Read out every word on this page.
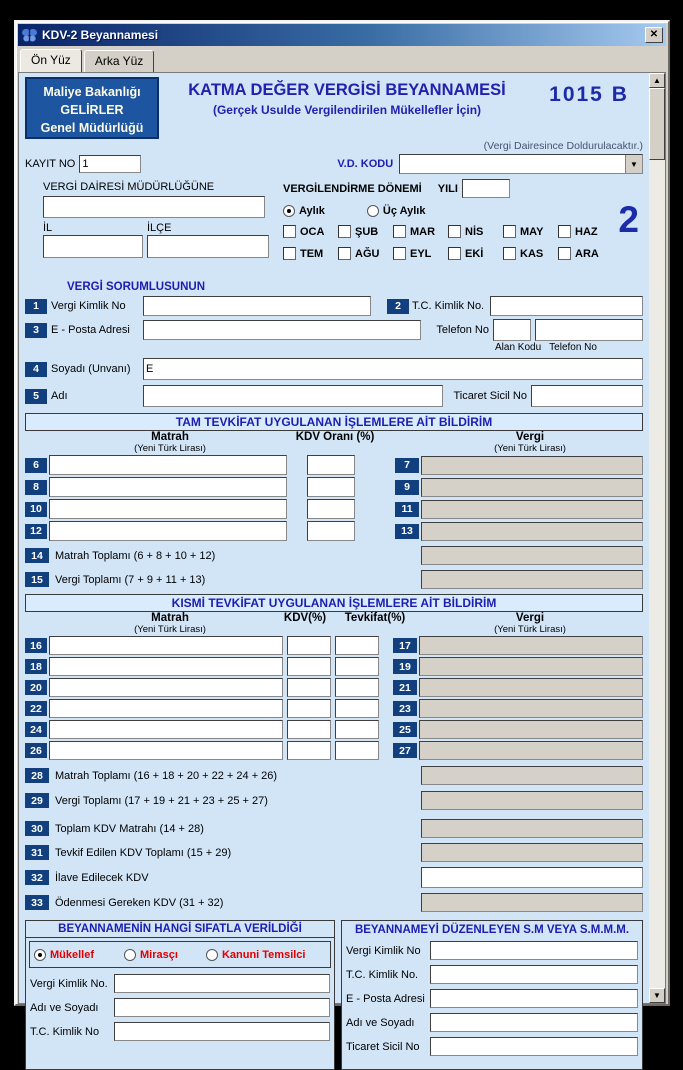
KDV-2 Beyannamesi	✕
Ön Yüz	Arka Yüz
Maliye Bakanlığı
GELİRLER
Genel Müdürlüğü
KATMA DEĞER VERGİSİ BEYANNAMESİ
(Gerçek Usulde Vergilendirilen Mükellefler İçin)
1015 B
(Vergi Dairesince Doldurulacaktır.)
KAYIT NO
1	V.D. KODU	▼
VERGİ DAİRESİ MÜDÜRLÜĞÜNE
İL	İLÇE
VERGİLENDİRME DÖNEMİ YILI
Aylık	Üç Aylık
OCA	ŞUB	MAR	NİS	MAY	HAZ
TEM	AĞU	EYL	EKİ	KAS	ARA
2
VERGİ SORUMLUSUNUN
1	Vergi Kimlik No	2	T.C. Kimlik No.
3	E - Posta Adresi	Telefon No
Alan Kodu Telefon No
4	Soyadı (Unvanı)
E
5	Adı	Ticaret Sicil No
TAM TEVKİFAT UYGULANAN İŞLEMLERE AİT BİLDİRİM
Matrah
(Yeni Türk Lirası)
KDV Oranı (%)	Vergi
(Yeni Türk Lirası)
6	7
8	9
10	11
12	13
14	Matrah Toplamı (6 + 8 + 10 + 12)
15	Vergi Toplamı (7 + 9 + 11 + 13)
KISMİ TEVKİFAT UYGULANAN İŞLEMLERE AİT BİLDİRİM
Matrah
(Yeni Türk Lirası)
KDV(%)	Tevkifat(%)	Vergi
(Yeni Türk Lirası)
16	17
18	19
20	21
22	23
24	25
26	27
28	Matrah Toplamı (16 + 18 + 20 + 22 + 24 + 26)
29	Vergi Toplamı (17 + 19 + 21 + 23 + 25 + 27)
30	Toplam KDV Matrahı (14 + 28)
31	Tevkif Edilen KDV Toplamı (15 + 29)
32	İlave Edilecek KDV
33	Ödenmesi Gereken KDV (31 + 32)
BEYANNAMENİN HANGİ SIFATLA VERİLDİĞİ
Mükellef	Mirasçı	Kanuni Temsilci
Vergi Kimlik No.
Adı ve Soyadı
T.C. Kimlik No
BEYANNAMEYİ DÜZENLEYEN S.M VEYA S.M.M.M.
Vergi Kimlik No
T.C. Kimlik No.
E - Posta Adresi
Adı ve Soyadı
Ticaret Sicil No
▲
▼
